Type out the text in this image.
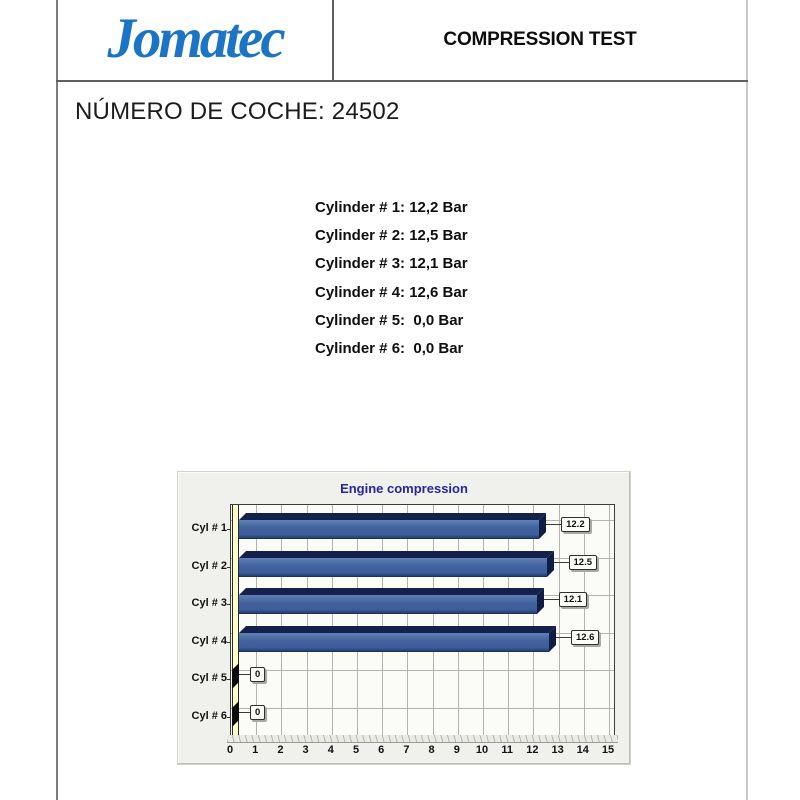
Jomatec	COMPRESSION TEST
NÚMERO DE COCHE: 24502
Cylinder # 1: 12,2 Bar
Cylinder # 2: 12,5 Bar
Cylinder # 3: 12,1 Bar
Cylinder # 4: 12,6 Bar
Cylinder # 5:  0,0 Bar
Cylinder # 6:  0,0 Bar
Engine compression
12.2
Cyl # 1
12.5
Cyl # 2
12.1
Cyl # 3
12.6
Cyl # 4
0
Cyl # 5
0
Cyl # 6
0 1 2 3 4 5 6 7 8 9 10 11 12 13 14 15
